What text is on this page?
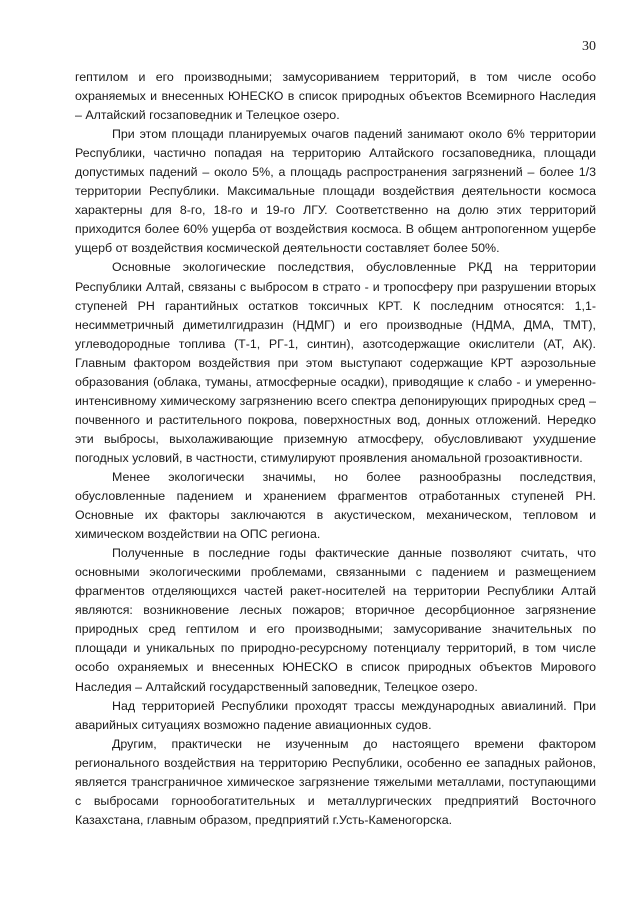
30

гептилом и его производными; замусориванием территорий, в том числе особо охраняемых и внесенных ЮНЕСКО в список природных объектов Всемирного Наследия – Алтайский госзаповедник и Телецкое озеро.

При этом площади планируемых очагов падений занимают около 6% территории Республики, частично попадая на территорию Алтайского госзаповедника, площади допустимых падений – около 5%, а площадь распространения загрязнений – более 1/3 территории Республики. Максимальные площади воздействия деятельности космоса характерны для 8-го, 18-го и 19-го ЛГУ. Соответственно на долю этих территорий приходится более 60% ущерба от воздействия космоса. В общем антропогенном ущербе ущерб от воздействия космической деятельности составляет более 50%.

Основные экологические последствия, обусловленные РКД на территории Республики Алтай, связаны с выбросом в страто - и тропосферу при разрушении вторых ступеней РН гарантийных остатков токсичных КРТ. К последним относятся: 1,1-несимметричный диметилгидразин (НДМГ) и его производные (НДМА, ДМА, ТМТ), углеводородные топлива (Т-1, РГ-1, синтин), азотсодержащие окислители (АТ, АК). Главным фактором воздействия при этом выступают содержащие КРТ аэрозольные образования (облака, туманы, атмосферные осадки), приводящие к слабо - и умеренно-интенсивному химическому загрязнению всего спектра депонирующих природных сред – почвенного и растительного покрова, поверхностных вод, донных отложений. Нередко эти выбросы, выхолаживающие приземную атмосферу, обусловливают ухудшение погодных условий, в частности, стимулируют проявления аномальной грозоактивности.

Менее экологически значимы, но более разнообразны последствия, обусловленные падением и хранением фрагментов отработанных ступеней РН. Основные их факторы заключаются в акустическом, механическом, тепловом и химическом воздействии на ОПС региона.

Полученные в последние годы фактические данные позволяют считать, что основными экологическими проблемами, связанными с падением и размещением фрагментов отделяющихся частей ракет-носителей на территории Республики Алтай являются: возникновение лесных пожаров; вторичное десорбционное загрязнение природных сред гептилом и его производными; замусоривание значительных по площади и уникальных по природно-ресурсному потенциалу территорий, в том числе особо охраняемых и внесенных ЮНЕСКО в список природных объектов Мирового Наследия – Алтайский государственный заповедник, Телецкое озеро.

Над территорией Республики проходят трассы международных авиалиний. При аварийных ситуациях возможно падение авиационных судов.

Другим, практически не изученным до настоящего времени фактором регионального воздействия на территорию Республики, особенно ее западных районов, является трансграничное химическое загрязнение тяжелыми металлами, поступающими с выбросами горнообогатительных и металлургических предприятий Восточного Казахстана, главным образом, предприятий г.Усть-Каменогорска.
